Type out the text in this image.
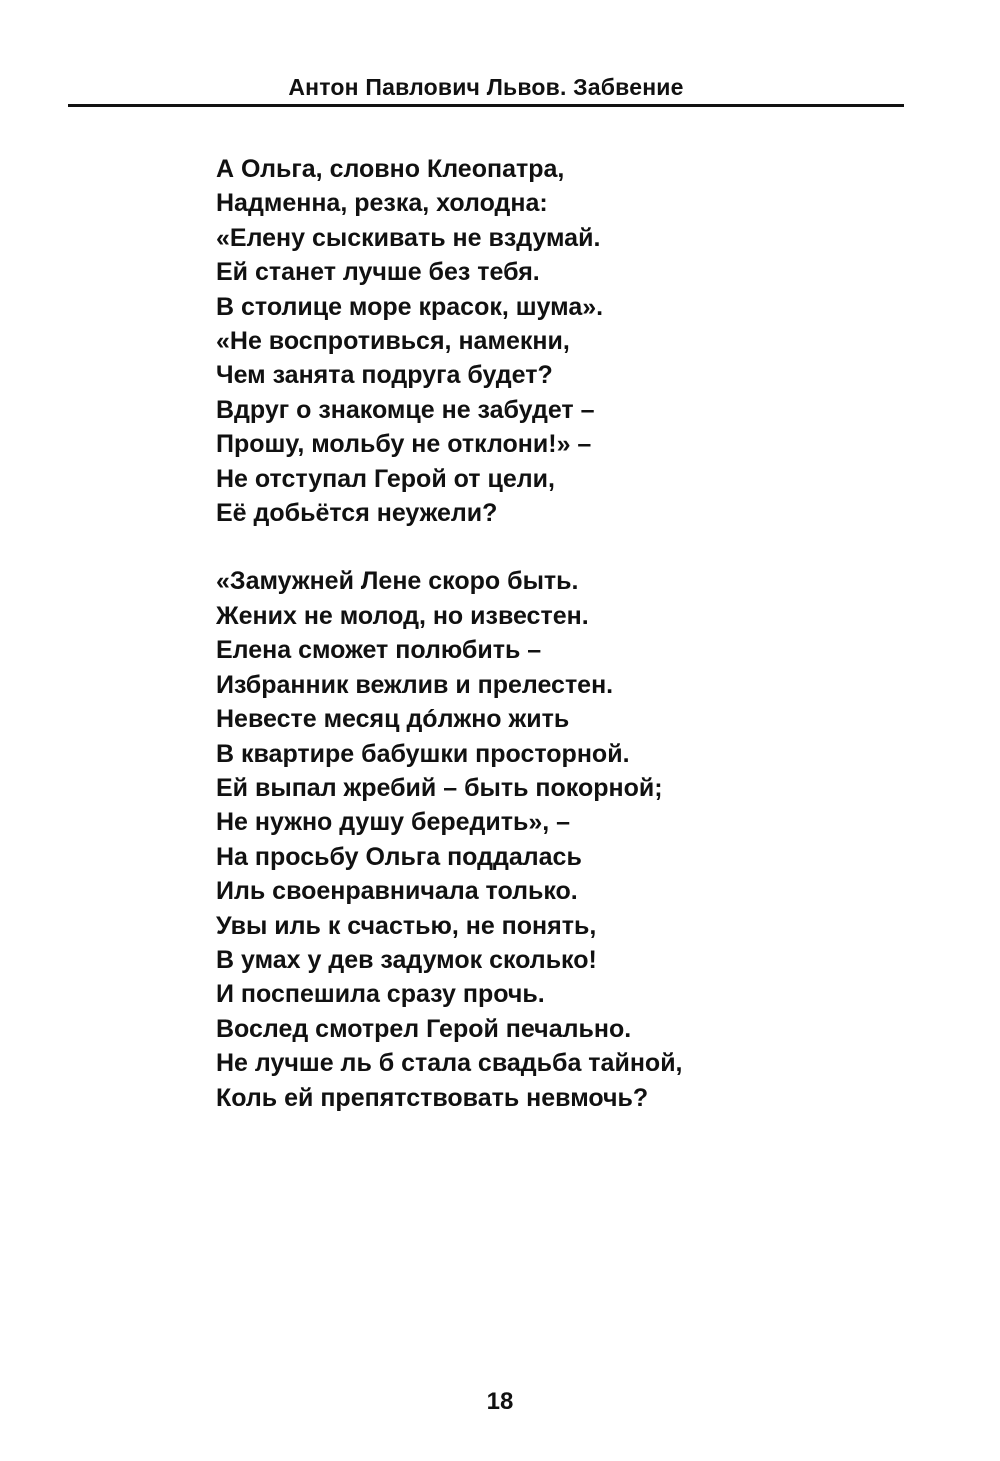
Антон Павлович Львов. Забвение
А Ольга, словно Клеопатра,
Надменна, резка, холодна:
«Елену сыскивать не вздумай.
Ей станет лучше без тебя.
В столице море красок, шума».
«Не воспротивься, намекни,
Чем занята подруга будет?
Вдруг о знакомце не забудет –
Прошу, мольбу не отклони!» –
Не отступал Герой от цели,
Её добьётся неужели?
«Замужней Лене скоро быть.
Жених не молод, но известен.
Елена сможет полюбить –
Избранник вежлив и прелестен.
Невесте месяц дóлжно жить
В квартире бабушки просторной.
Ей выпал жребий – быть покорной;
Не нужно душу бередить», –
На просьбу Ольга поддалась
Иль своенравничала только.
Увы иль к счастью, не понять,
В умах у дев задумок сколько!
И поспешила сразу прочь.
Вослед смотрел Герой печально.
Не лучше ль б стала свадьба тайной,
Коль ей препятствовать невмочь?
18
